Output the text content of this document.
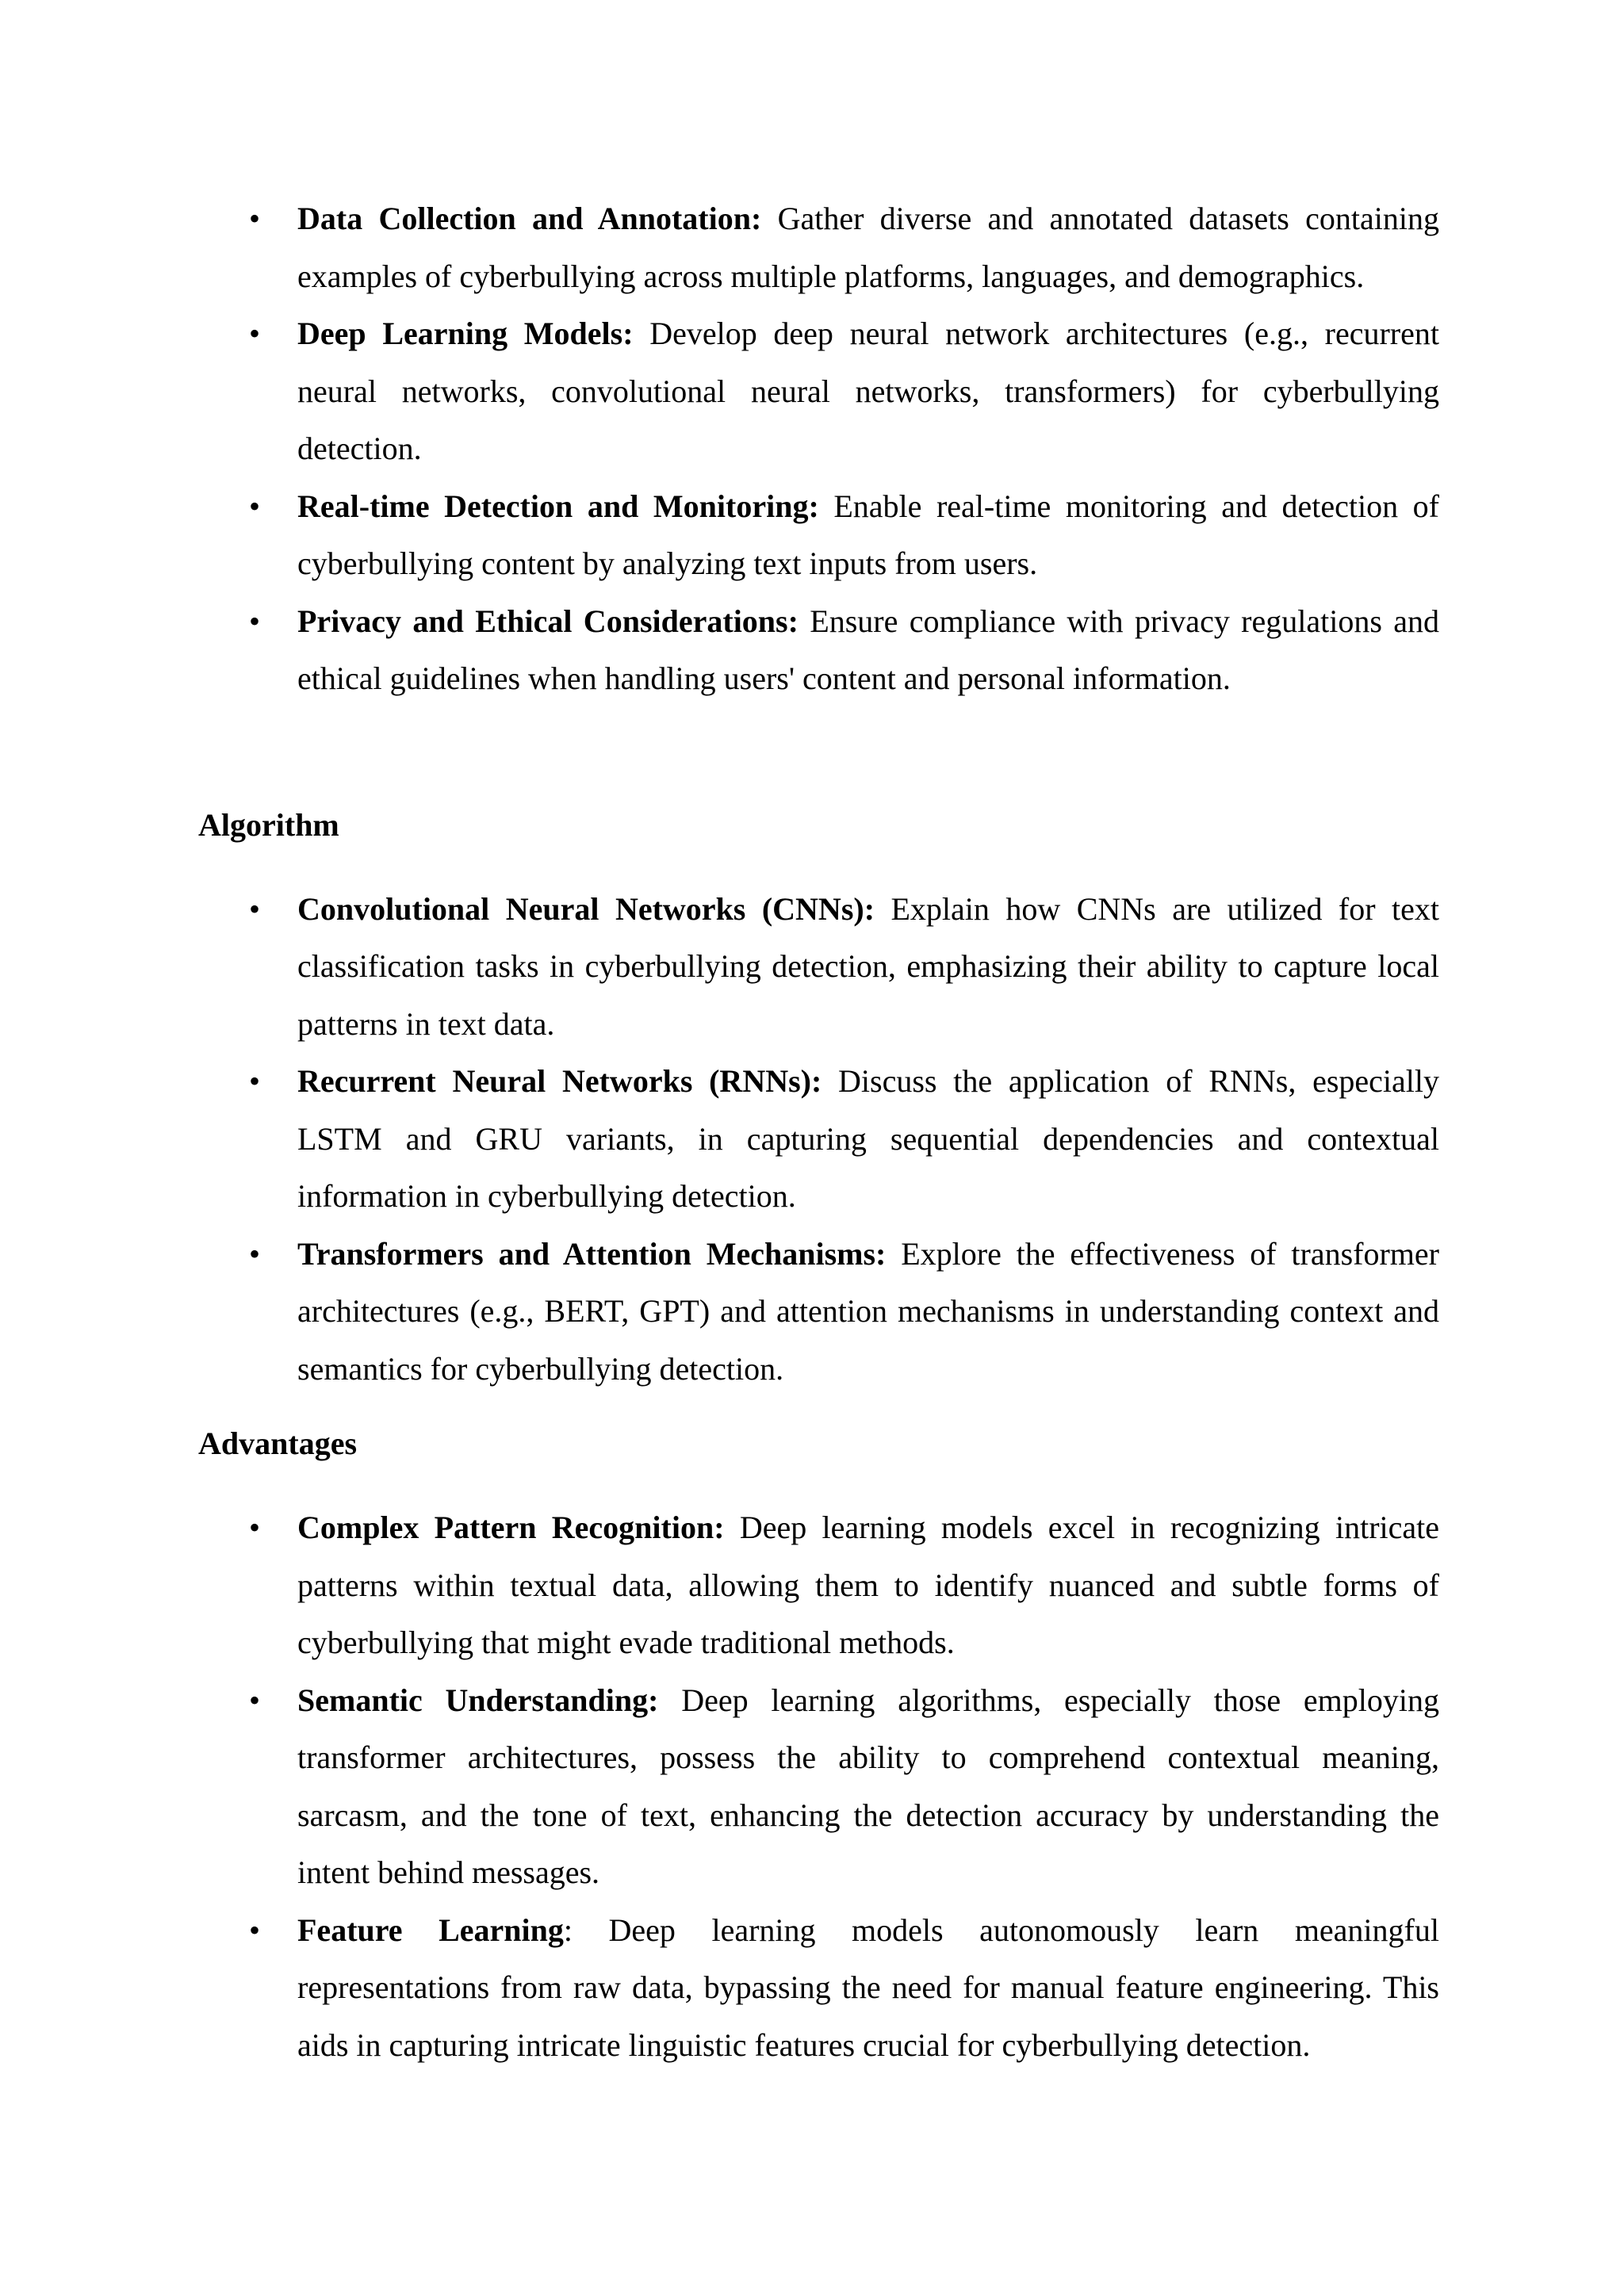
•	Data Collection and Annotation: Gather diverse and annotated datasets containing examples of cyberbullying across multiple platforms, languages, and demographics.
•	Deep Learning Models: Develop deep neural network architectures (e.g., recurrent neural networks, convolutional neural networks, transformers) for cyberbullying detection.
•	Real-time Detection and Monitoring: Enable real-time monitoring and detection of cyberbullying content by analyzing text inputs from users.
•	Privacy and Ethical Considerations: Ensure compliance with privacy regulations and ethical guidelines when handling users' content and personal information.
Algorithm
•	Convolutional Neural Networks (CNNs): Explain how CNNs are utilized for text classification tasks in cyberbullying detection, emphasizing their ability to capture local patterns in text data.
•	Recurrent Neural Networks (RNNs): Discuss the application of RNNs, especially LSTM and GRU variants, in capturing sequential dependencies and contextual information in cyberbullying detection.
•	Transformers and Attention Mechanisms: Explore the effectiveness of transformer architectures (e.g., BERT, GPT) and attention mechanisms in understanding context and semantics for cyberbullying detection.
Advantages
•	Complex Pattern Recognition: Deep learning models excel in recognizing intricate patterns within textual data, allowing them to identify nuanced and subtle forms of cyberbullying that might evade traditional methods.
•	Semantic Understanding: Deep learning algorithms, especially those employing transformer architectures, possess the ability to comprehend contextual meaning, sarcasm, and the tone of text, enhancing the detection accuracy by understanding the intent behind messages.
•	Feature Learning: Deep learning models autonomously learn meaningful representations from raw data, bypassing the need for manual feature engineering. This aids in capturing intricate linguistic features crucial for cyberbullying detection.
